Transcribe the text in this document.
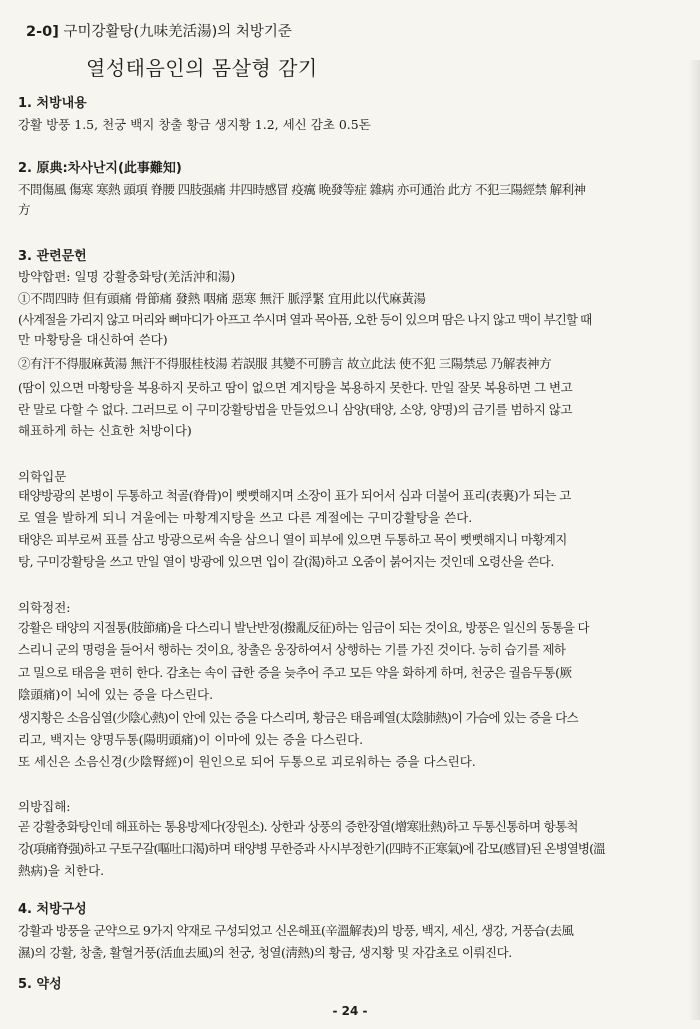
2-0] 구미강활탕(九味羌活湯)의 처방기준
열성태음인의 몸살형 감기
1. 처방내용
강활 방풍 1.5, 천궁 백지 창출 황금 생지황 1.2, 세신 감초 0.5돈
2. 原典:차사난지(此事難知)
不問傷風 傷寒 寒熱 頭項 脊腰 四肢强痛 井四時感冒 疫癘 晩發等症 雜病 亦可通治 此方 不犯三陽經禁 解利神
方
3. 관련문헌
방약합편: 일명 강활충화탕(羌活沖和湯)
①不問四時 但有頭痛 骨節痛 發熱 咽痛 惡寒 無汗 脈浮緊 宜用此以代麻黃湯
(사계절을 가리지 않고 머리와 뼈마디가 아프고 쑤시며 열과 목아픔, 오한 등이 있으며 땀은 나지 않고 맥이 부긴할 때
만 마황탕을 대신하여 쓴다)
②有汗不得服麻黃湯 無汗不得服桂枝湯 若誤服 其變不可勝言 故立此法 使不犯 三陽禁忌 乃解表神方
(땀이 있으면 마황탕을 복용하지 못하고 땀이 없으면 계지탕을 복용하지 못한다. 만일 잘못 복용하면 그 변고
란 말로 다할 수 없다. 그러므로 이 구미강활탕법을 만들었으니 삼양(태양, 소양, 양명)의 금기를 범하지 않고
해표하게 하는 신효한 처방이다)
의학입문
태양방광의 본병이 두통하고 척골(脊骨)이 뻣뻣해지며 소장이 표가 되어서 심과 더불어 표리(表裏)가 되는 고
로 열을 발하게 되니 겨울에는 마황계지탕을 쓰고 다른 계절에는 구미강활탕을 쓴다.
태양은 피부로써 표를 삼고 방광으로써 속을 삼으니 열이 피부에 있으면 두통하고 목이 뻣뻣해지니 마황계지
탕, 구미강활탕을 쓰고 만일 열이 방광에 있으면 입이 갈(渴)하고 오줌이 붉어지는 것인데 오령산을 쓴다.
의학정전:
강활은 태양의 지절통(肢節痛)을 다스리니 발난반정(撥亂反征)하는 임금이 되는 것이요, 방풍은 일신의 동통을 다
스리니 군의 명령을 들어서 행하는 것이요, 창출은 웅장하여서 상행하는 기를 가진 것이다. 능히 습기를 제하
고 밀으로 태음을 편히 한다. 감초는 속이 급한 증을 늦추어 주고 모든 약을 화하게 하며, 천궁은 궐음두통(厥
陰頭痛)이 뇌에 있는 증을 다스린다.
생지황은 소음심열(少陰心熱)이 안에 있는 증을 다스리며, 황금은 태음폐열(太陰肺熱)이 가슴에 있는 증을 다스
리고, 백지는 양명두통(陽明頭痛)이 이마에 있는 증을 다스린다.
또 세신은 소음신경(少陰腎經)이 원인으로 되어 두통으로 괴로워하는 증을 다스린다.
의방집해:
곧 강활충화탕인데 해표하는 통용방제다(장원소). 상한과 상풍의 증한장열(增寒壯熱)하고 두통신통하며 항통척
강(項痛脊强)하고 구토구갈(嘔吐口渴)하며 태양병 무한증과 사시부정한기(四時不正寒氣)에 감모(感冒)된 온병열병(溫
熱病)을 치한다.
4. 처방구성
강활과 방풍을 군약으로 9가지 약재로 구성되었고 신온해표(辛溫解表)의 방풍, 백지, 세신, 생강, 거풍습(去風
濕)의 강활, 창출, 활혈거풍(活血去風)의 천궁, 청열(淸熱)의 황금, 생지황 및 자감초로 이뤄진다.
5. 약성
- 24 -
